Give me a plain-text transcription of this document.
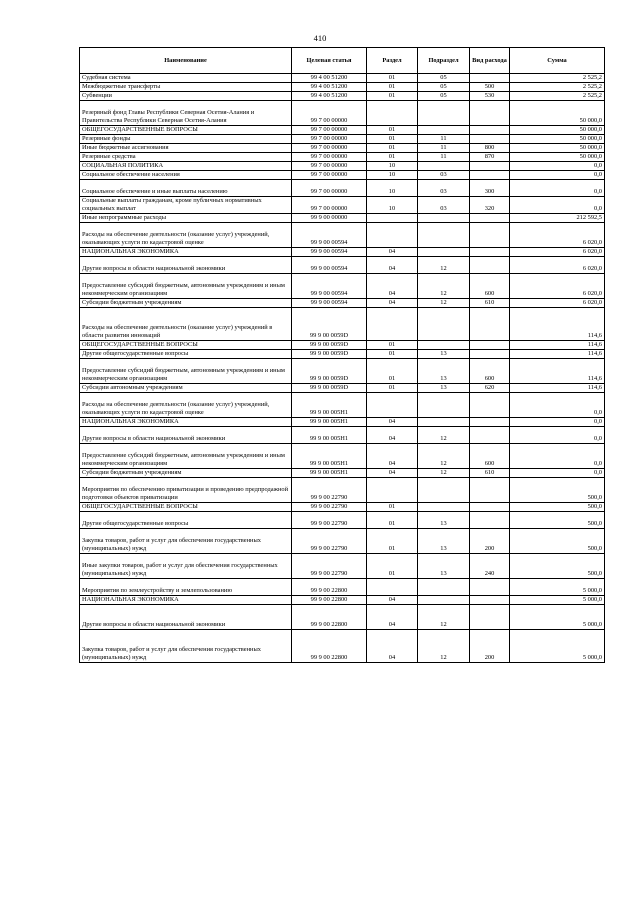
410
Наименование	Целевая статья	Раздел	Подраздел	Вид расхода	Сумма
Судебная система	99 4 00 51200	01	05		2 525,2
Межбюджетные трансферты	99 4 00 51200	01	05	500	2 525,2
Субвенции	99 4 00 51200	01	05	530	2 525,2
Резервный фонд Главы Республики Северная Осетия-Алания и Правительства Республики Северная Осетия-Алания	99 7 00 00000				50 000,0
ОБЩЕГОСУДАРСТВЕННЫЕ ВОПРОСЫ	99 7 00 00000	01			50 000,0
Резервные фонды	99 7 00 00000	01	11		50 000,0
Иные бюджетные ассигнования	99 7 00 00000	01	11	800	50 000,0
Резервные средства	99 7 00 00000	01	11	870	50 000,0
СОЦИАЛЬНАЯ ПОЛИТИКА	99 7 00 00000	10			0,0
Социальное обеспечение населения	99 7 00 00000	10	03		0,0
Социальное обеспечение и иные выплаты населению	99 7 00 00000	10	03	300	0,0
Социальные выплаты гражданам, кроме публичных нормативных социальных выплат	99 7 00 00000	10	03	320	0,0
Иные непрограммные расходы	99 9 00 00000				212 592,5
Расходы на обеспечение деятельности (оказание услуг) учреждений, оказывающих услуги по кадастровой оценке	99 9 00 00594				6 020,0
НАЦИОНАЛЬНАЯ ЭКОНОМИКА	99 9 00 00594	04			6 020,0
Другие вопросы в области национальной экономики	99 9 00 00594	04	12		6 020,0
Предоставление субсидий бюджетным, автономным учреждениям и иным некоммерческим организациям	99 9 00 00594	04	12	600	6 020,0
Субсидии бюджетным учреждениям	99 9 00 00594	04	12	610	6 020,0
Расходы на обеспечение деятельности (оказание услуг) учреждений в области развития инноваций	99 9 00 0059D				114,6
ОБЩЕГОСУДАРСТВЕННЫЕ ВОПРОСЫ	99 9 00 0059D	01			114,6
Другие общегосударственные вопросы	99 9 00 0059D	01	13		114,6
Предоставление субсидий бюджетным, автономным учреждениям и иным некоммерческим организациям	99 9 00 0059D	01	13	600	114,6
Субсидии автономным учреждениям	99 9 00 0059D	01	13	620	114,6
Расходы на обеспечение деятельности (оказание услуг) учреждений, оказывающих услуги по кадастровой оценке	99 9 00 005Н1				0,0
НАЦИОНАЛЬНАЯ ЭКОНОМИКА	99 9 00 005Н1	04			0,0
Другие вопросы в области национальной экономики	99 9 00 005Н1	04	12		0,0
Предоставление субсидий бюджетным, автономным учреждениям и иным некоммерческим организациям	99 9 00 005Н1	04	12	600	0,0
Субсидии бюджетным учреждениям	99 9 00 005Н1	04	12	610	0,0
Мероприятия по обеспечению приватизации и проведению предпродажной подготовки объектов приватизации	99 9 00 22790				500,0
ОБЩЕГОСУДАРСТВЕННЫЕ ВОПРОСЫ	99 9 00 22790	01			500,0
Другие общегосударственные вопросы	99 9 00 22790	01	13		500,0
Закупка товаров, работ и услуг для обеспечения государственных (муниципальных) нужд	99 9 00 22790	01	13	200	500,0
Иные закупки товаров, работ и услуг для обеспечения государственных (муниципальных) нужд	99 9 00 22790	01	13	240	500,0
Мероприятия по землеустройству и землепользованию	99 9 00 22800				5 000,0
НАЦИОНАЛЬНАЯ ЭКОНОМИКА	99 9 00 22800	04			5 000,0
Другие вопросы в области национальной экономики	99 9 00 22800	04	12		5 000,0
Закупка товаров, работ и услуг для обеспечения государственных (муниципальных) нужд	99 9 00 22800	04	12	200	5 000,0
